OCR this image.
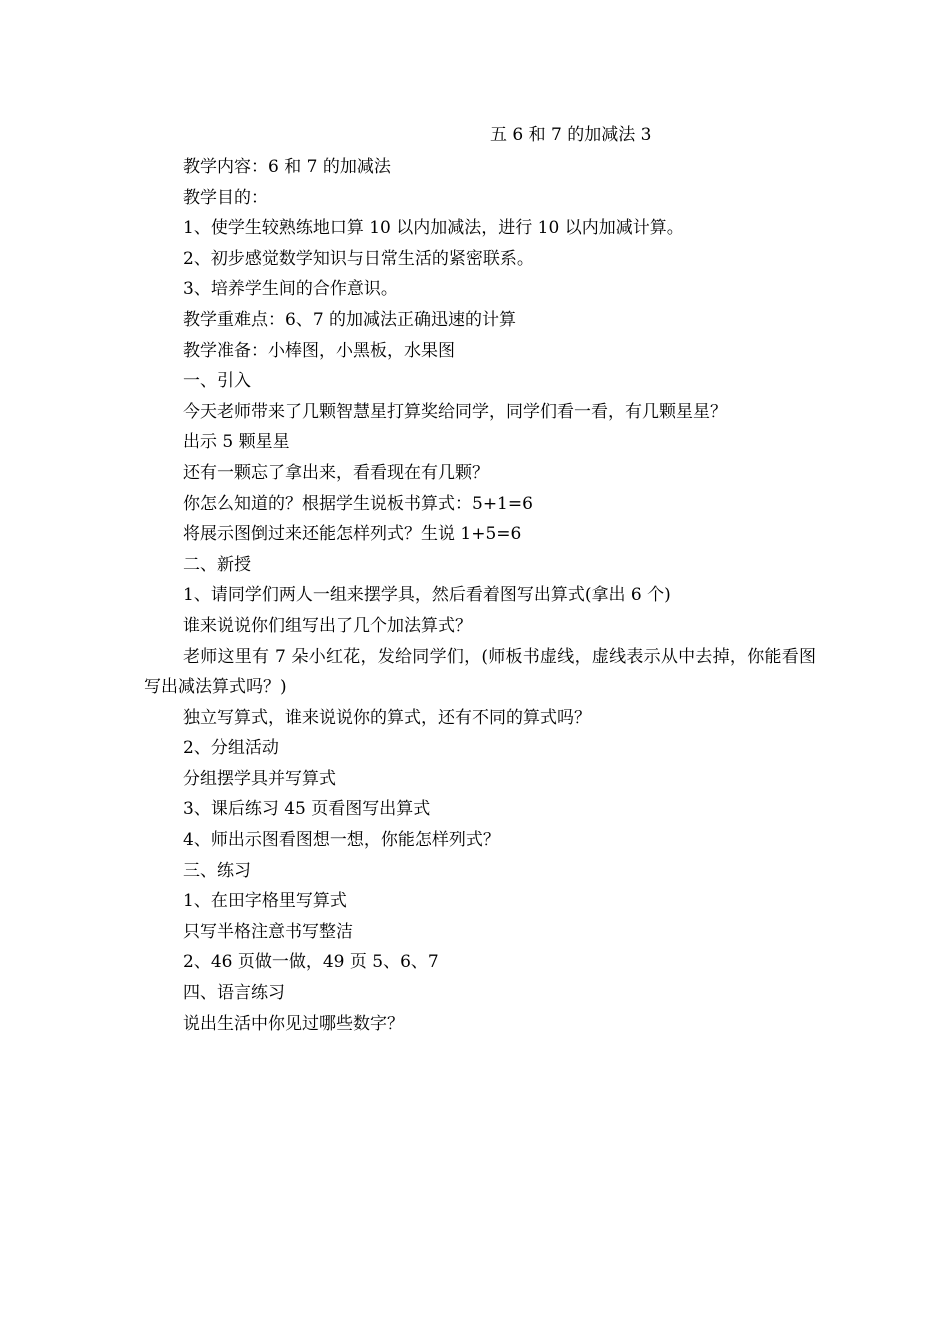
五 6 和 7 的加减法 3

教学内容：6 和 7 的加减法

教学目的：

1、使学生较熟练地口算 10 以内加减法，进行 10 以内加减计算。

2、初步感觉数学知识与日常生活的紧密联系。

3、培养学生间的合作意识。

教学重难点：6、7 的加减法正确迅速的计算

教学准备：小棒图，小黑板，水果图

一、引入

今天老师带来了几颗智慧星打算奖给同学，同学们看一看，有几颗星星？

出示 5 颗星星

还有一颗忘了拿出来，看看现在有几颗？

你怎么知道的？根据学生说板书算式：5+1=6

将展示图倒过来还能怎样列式？生说 1+5=6

二、新授

1、请同学们两人一组来摆学具，然后看着图写出算式(拿出 6 个)

谁来说说你们组写出了几个加法算式？

老师这里有 7 朵小红花，发给同学们，(师板书虚线，虚线表示从中去掉，你能看图写出减法算式吗？)

独立写算式，谁来说说你的算式，还有不同的算式吗？

2、分组活动

分组摆学具并写算式

3、课后练习 45 页看图写出算式

4、师出示图看图想一想，你能怎样列式？

三、练习

1、在田字格里写算式

只写半格注意书写整洁

2、46 页做一做，49 页 5、6、7

四、语言练习

说出生活中你见过哪些数字？
